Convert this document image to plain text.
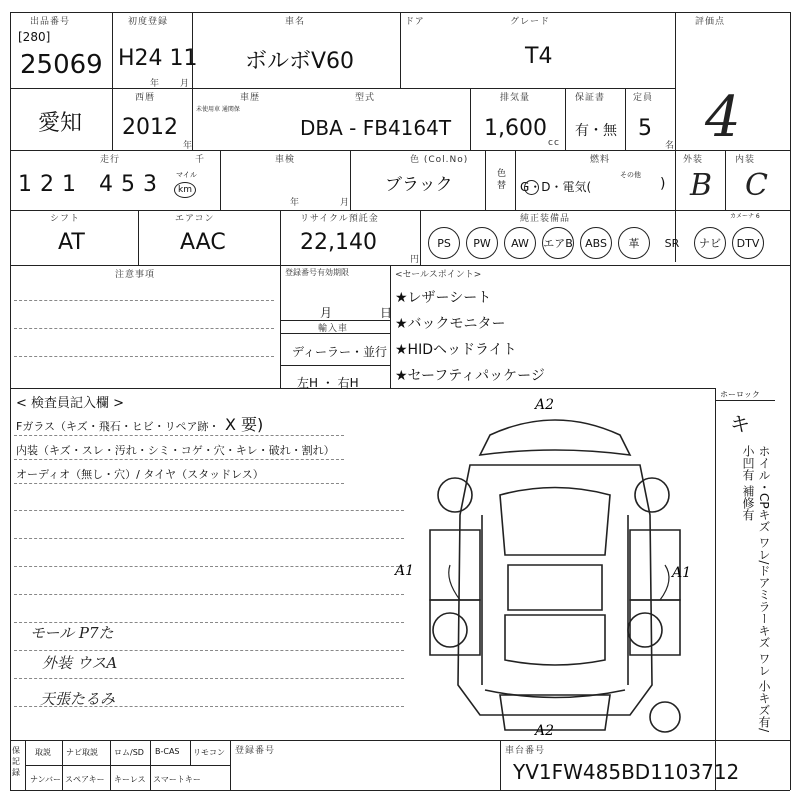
出品番号
[280]
25069
初度登録
H24 11
年 月
車名
ボルボV60
ドア	グレード
T4
評価点
4
愛知
西暦
2012
年
車歴
未使用車 通関保
型式
DBA - FB4164T
排気量
1,600
cc
保証書
有・無
定員
5
名
走行	千
121 453 マイル
km
車検
年	月
色 (Col.No)
ブラック
色替
燃料
G・D・電気(
その他
)
外装	内装
B C
シフト
AT
エアコン
AAC
リサイクル預託金
22,140
円
純正装備品	カメーナ 6
PS	PW	AW	エアB	ABS	革	SR	ナビ	DTV
注意事項	登録番号有効期限
月	日
輸入車
ディーラー・並行
左H ・ 右H
<セールスポイント>
★レザーシート
★バックモニター
★HIDヘッドライト
★セーフティパッケージ
< 検査員記入欄 >
Fガラス（キズ・飛石・ヒビ・リペア跡・ X 要)
内装（キズ・スレ・汚れ・シミ・コゲ・穴・キレ・破れ・割れ）
オーディオ（無し・穴）/ タイヤ（スタッドレス）
モール P7た
外装 ウスA
天張たるみ
A2
A2
A1	A1
ホーロック
キ
ホイル・CPキズ ワレ/ドアミラーキズ ワレ 小キズ有/小凹有 補修有
保 記 録
取説 ナビ取説 ロム/SD B-CAS リモコン
ナンバー スペアキー キーレス スマートキー
登録番号	車台番号
YV1FW485BD1103712
